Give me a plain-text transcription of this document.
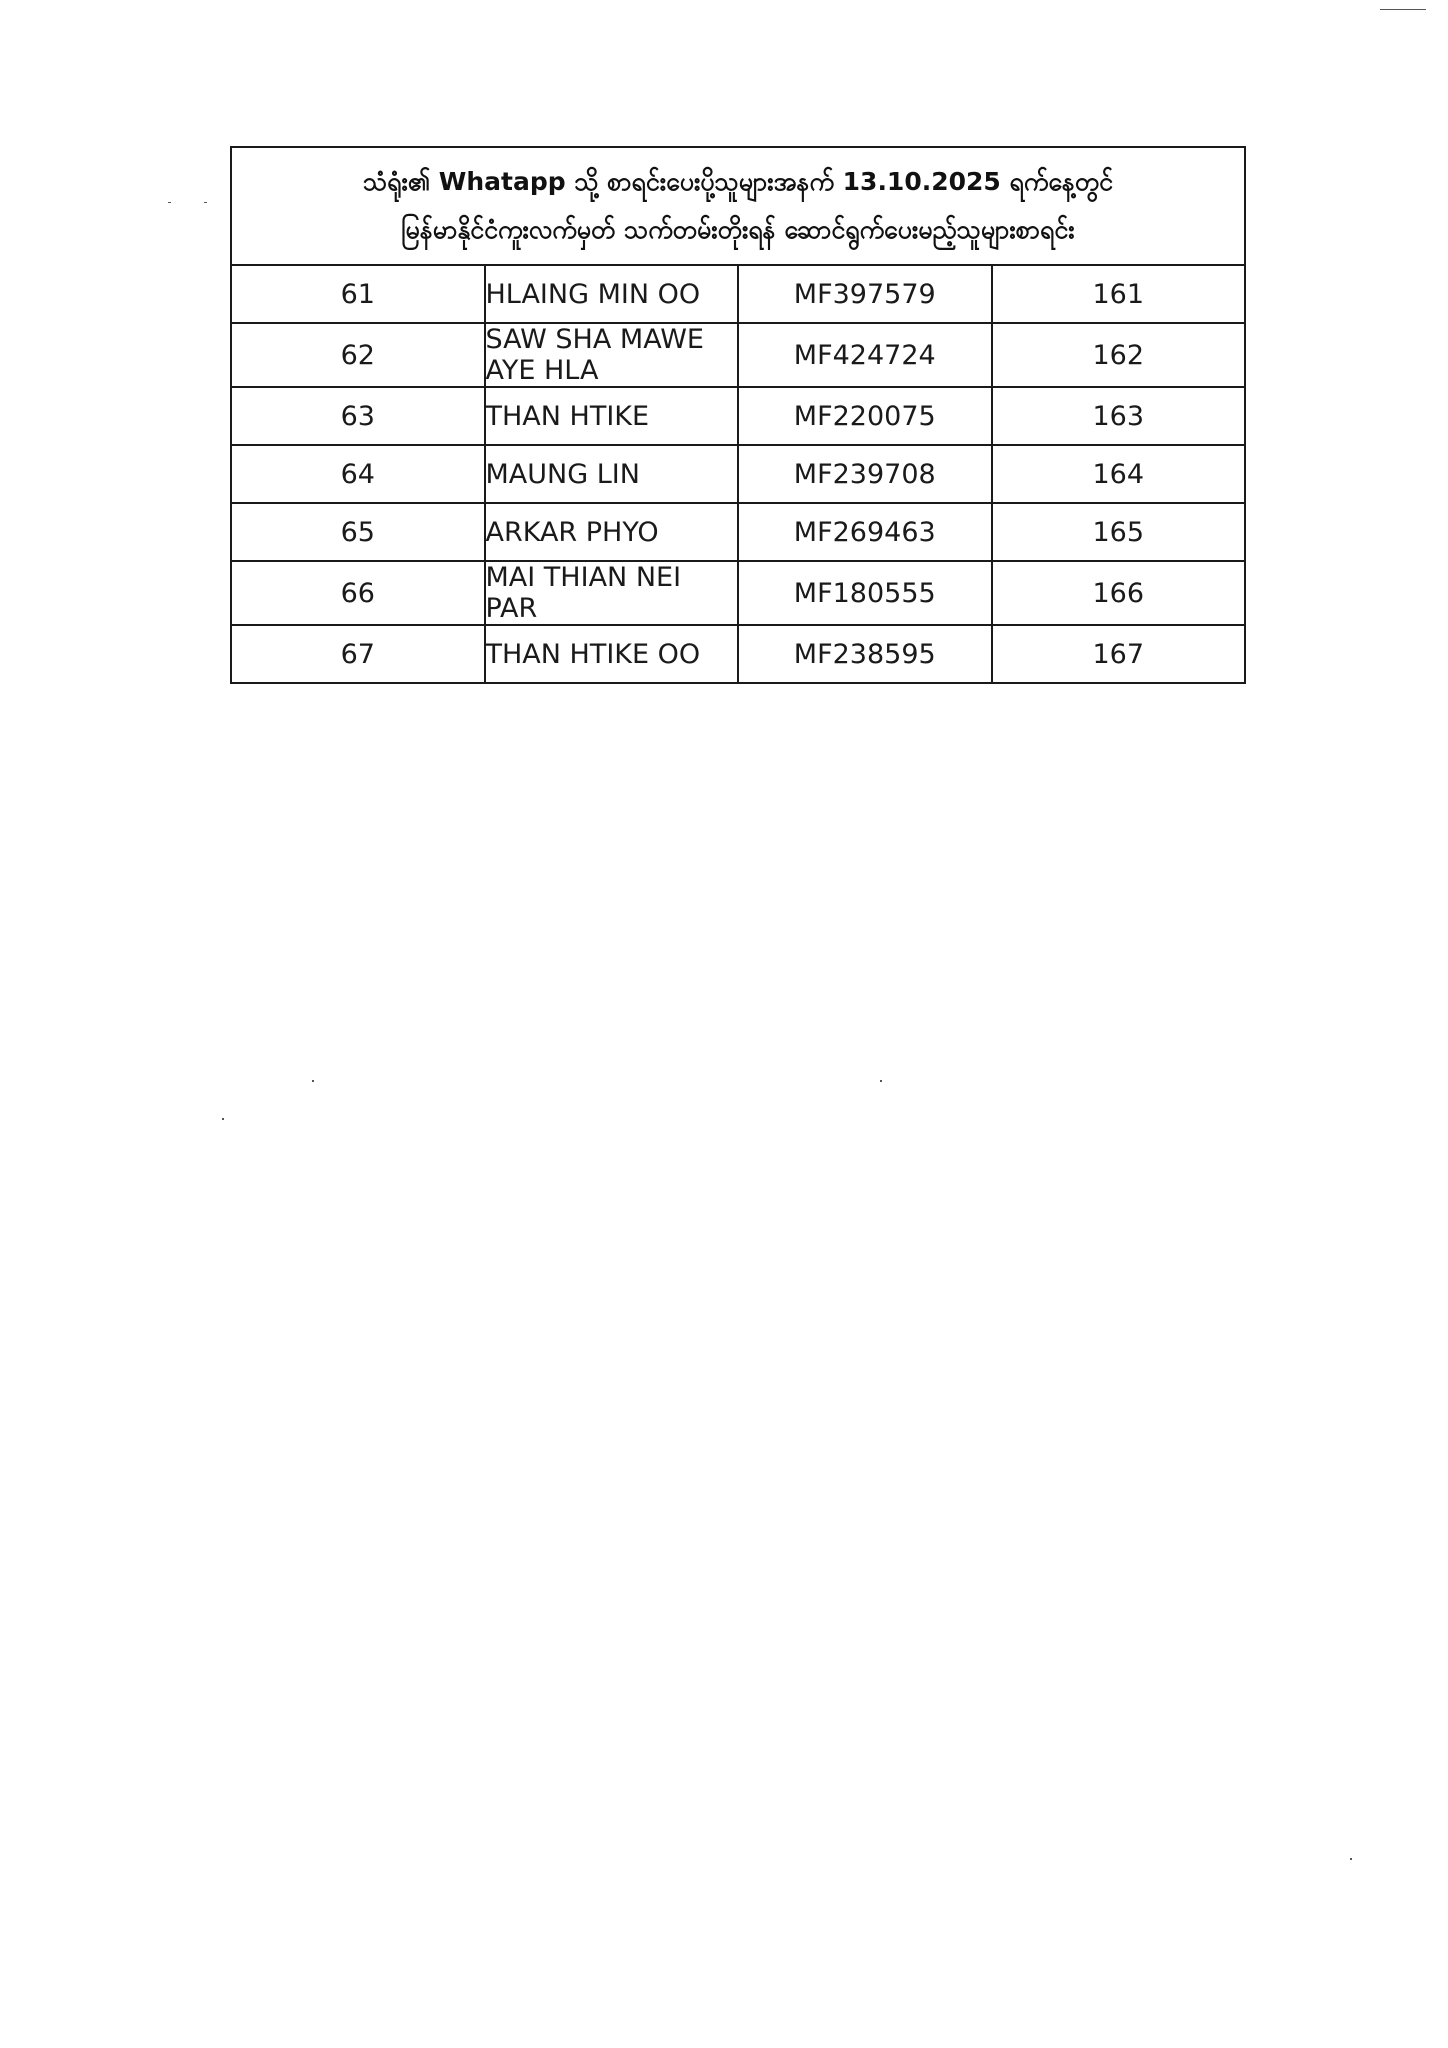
သံရုံး၏ Whatapp သို့ စာရင်းပေးပို့သူများအနက် 13.10.2025 ရက်နေ့တွင်
မြန်မာနိုင်ငံကူးလက်မှတ် သက်တမ်းတိုးရန် ဆောင်ရွက်ပေးမည့်သူများစာရင်း			

61	HLAING MIN OO	MF397579	161
62	SAW SHA MAWE AYE HLA	MF424724	162
63	THAN HTIKE	MF220075	163
64	MAUNG LIN	MF239708	164
65	ARKAR PHYO	MF269463	165
66	MAI THIAN NEI PAR	MF180555	166
67	THAN HTIKE OO	MF238595	167
